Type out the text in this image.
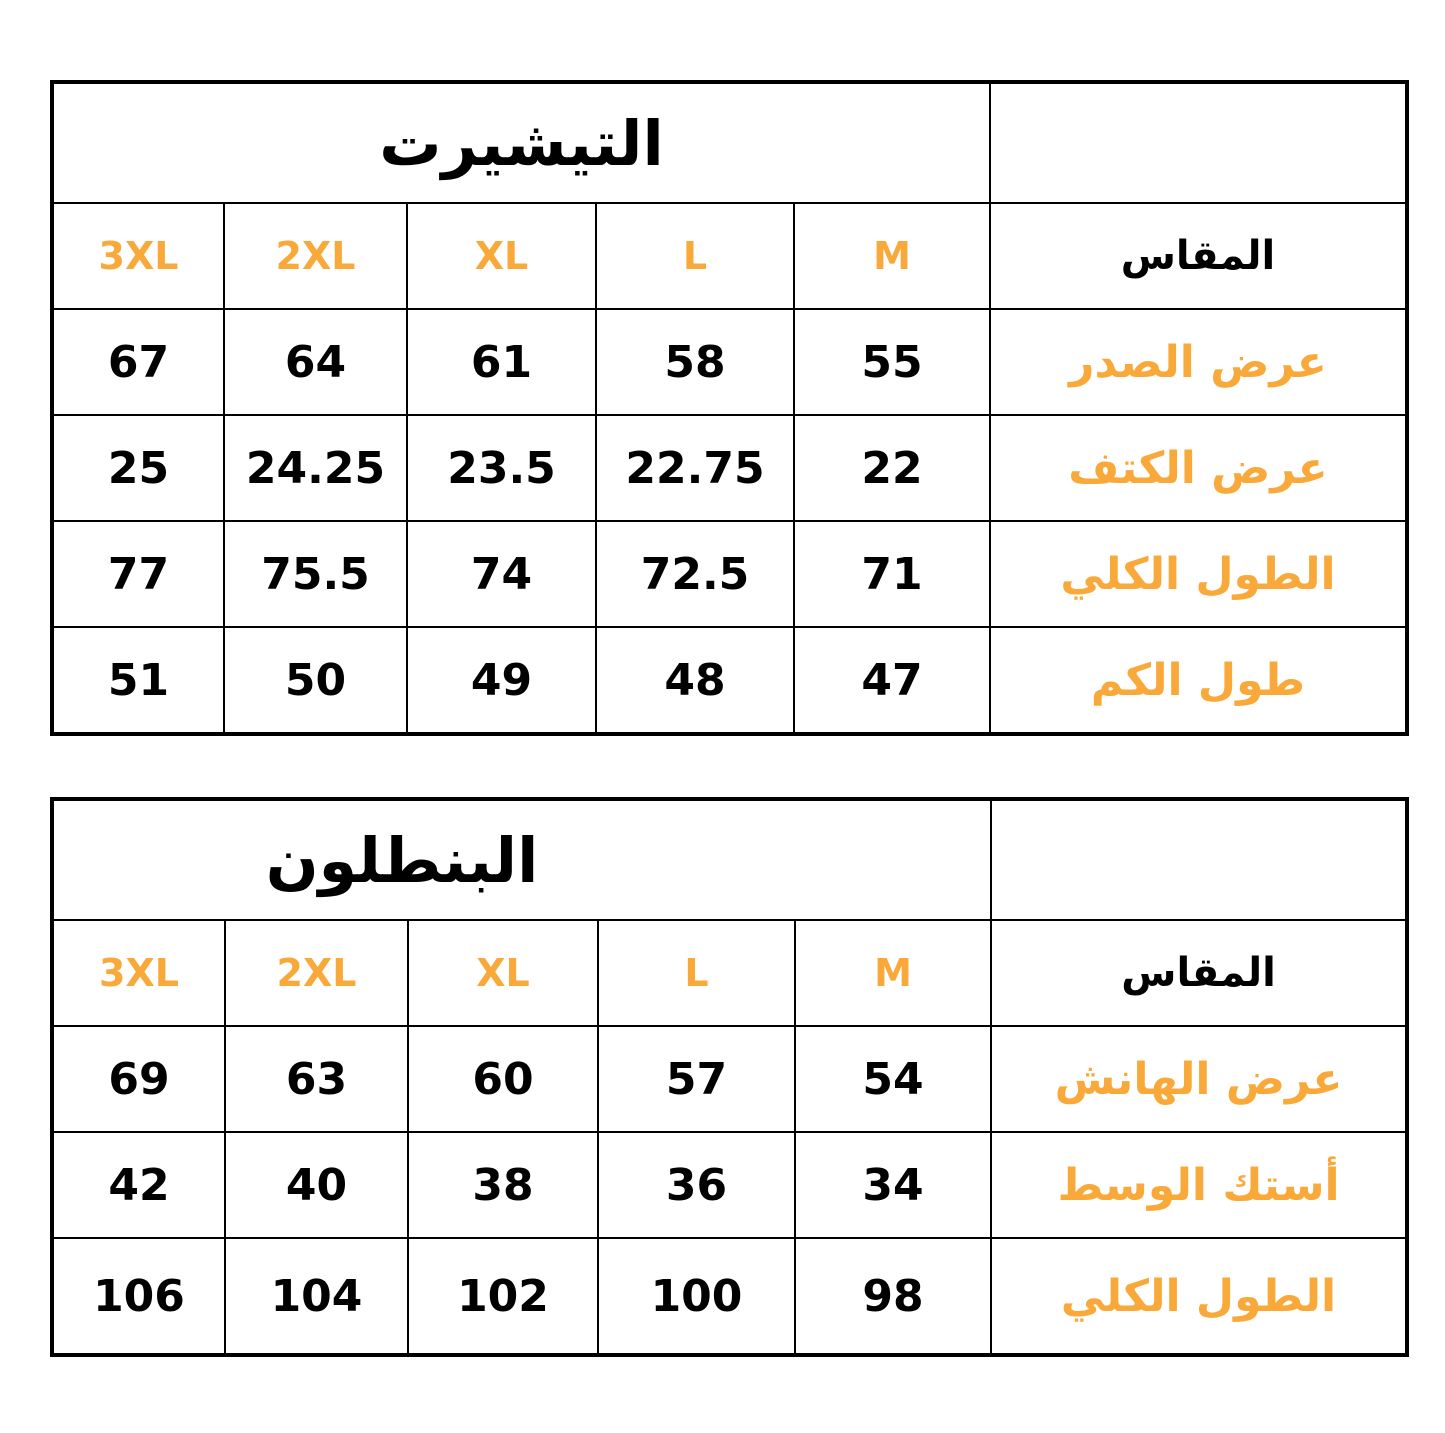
التيشيرت					
3XL	2XL	XL	L	M	المقاس
67	64	61	58	55	عرض الصدر
25	24.25	23.5	22.75	22	عرض الكتف
77	75.5	74	72.5	71	الطول الكلي
51	50	49	48	47	طول الكم
البنطلون					
3XL	2XL	XL	L	M	المقاس
69	63	60	57	54	عرض الهانش
42	40	38	36	34	أستك الوسط
106	104	102	100	98	الطول الكلي
